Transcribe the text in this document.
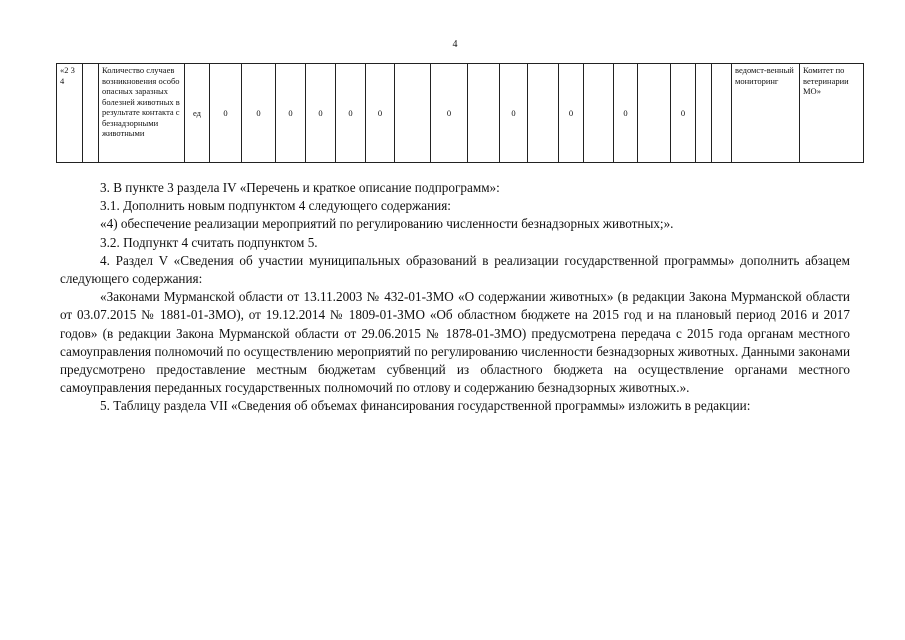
4
«2 3 4		Количество случаев возникновения особо опасных заразных болезней животных в результате контакта с безнадзорными животными	ед	0	0	0	0	0	0		0		0		0		0		0			ведомст-венный мониторинг	Комитет по ветеринарии МО»

3. В пункте 3 раздела IV «Перечень и краткое описание подпрограмм»:

3.1. Дополнить новым подпунктом 4 следующего содержания:

«4) обеспечение реализации мероприятий по регулированию численности безнадзорных животных;».

3.2. Подпункт 4 считать подпунктом 5.

4. Раздел V «Сведения об участии муниципальных образований в реализации государственной программы» дополнить абзацем следующего содержания:

«Законами Мурманской области от 13.11.2003 № 432-01-ЗМО «О содержании животных» (в редакции Закона Мурманской области от 03.07.2015 № 1881-01-ЗМО), от 19.12.2014 № 1809-01-ЗМО «Об областном бюджете на 2015 год и на плановый период 2016 и 2017 годов» (в редакции Закона Мурманской области от 29.06.2015 № 1878-01-ЗМО) предусмотрена передача с 2015 года органам местного самоуправления полномочий по осуществлению мероприятий по регулированию численности безнадзорных животных. Данными законами предусмотрено предоставление местным бюджетам субвенций из областного бюджета на осуществление органами местного самоуправления переданных государственных полномочий по отлову и содержанию безнадзорных животных.».

5. Таблицу раздела VII «Сведения об объемах финансирования государственной программы» изложить в редакции:
